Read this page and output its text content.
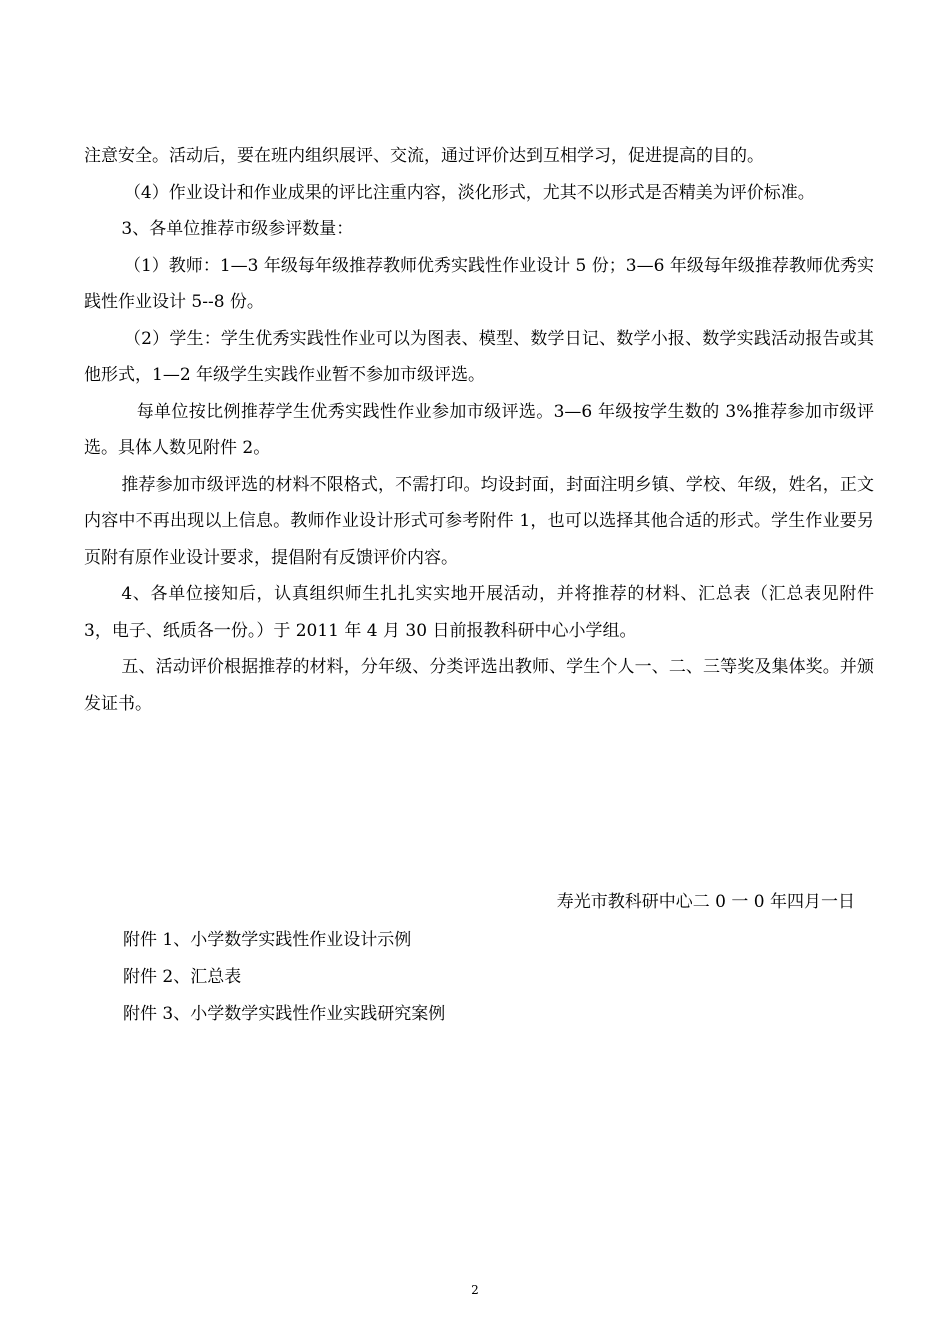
注意安全。活动后，要在班内组织展评、交流，通过评价达到互相学习，促进提高的目的。

（4）作业设计和作业成果的评比注重内容，淡化形式，尤其不以形式是否精美为评价标准。

3、各单位推荐市级参评数量：

（1）教师：1—3 年级每年级推荐教师优秀实践性作业设计 5 份；3—6 年级每年级推荐教师优秀实践性作业设计 5--8 份。

（2）学生：学生优秀实践性作业可以为图表、模型、数学日记、数学小报、数学实践活动报告或其他形式，1—2 年级学生实践作业暂不参加市级评选。

每单位按比例推荐学生优秀实践性作业参加市级评选。3—6 年级按学生数的 3%推荐参加市级评选。具体人数见附件 2。

推荐参加市级评选的材料不限格式，不需打印。均设封面，封面注明乡镇、学校、年级，姓名，正文内容中不再出现以上信息。教师作业设计形式可参考附件 1，也可以选择其他合适的形式。学生作业要另页附有原作业设计要求，提倡附有反馈评价内容。

4、各单位接知后，认真组织师生扎扎实实地开展活动，并将推荐的材料、汇总表（汇总表见附件 3，电子、纸质各一份。）于 2011 年 4 月 30 日前报教科研中心小学组。

五、活动评价根据推荐的材料，分年级、分类评选出教师、学生个人一、二、三等奖及集体奖。并颁发证书。

寿光市教科研中心二 0 一 0 年四月一日
附件 1、小学数学实践性作业设计示例
附件 2、汇总表
附件 3、小学数学实践性作业实践研究案例
2
